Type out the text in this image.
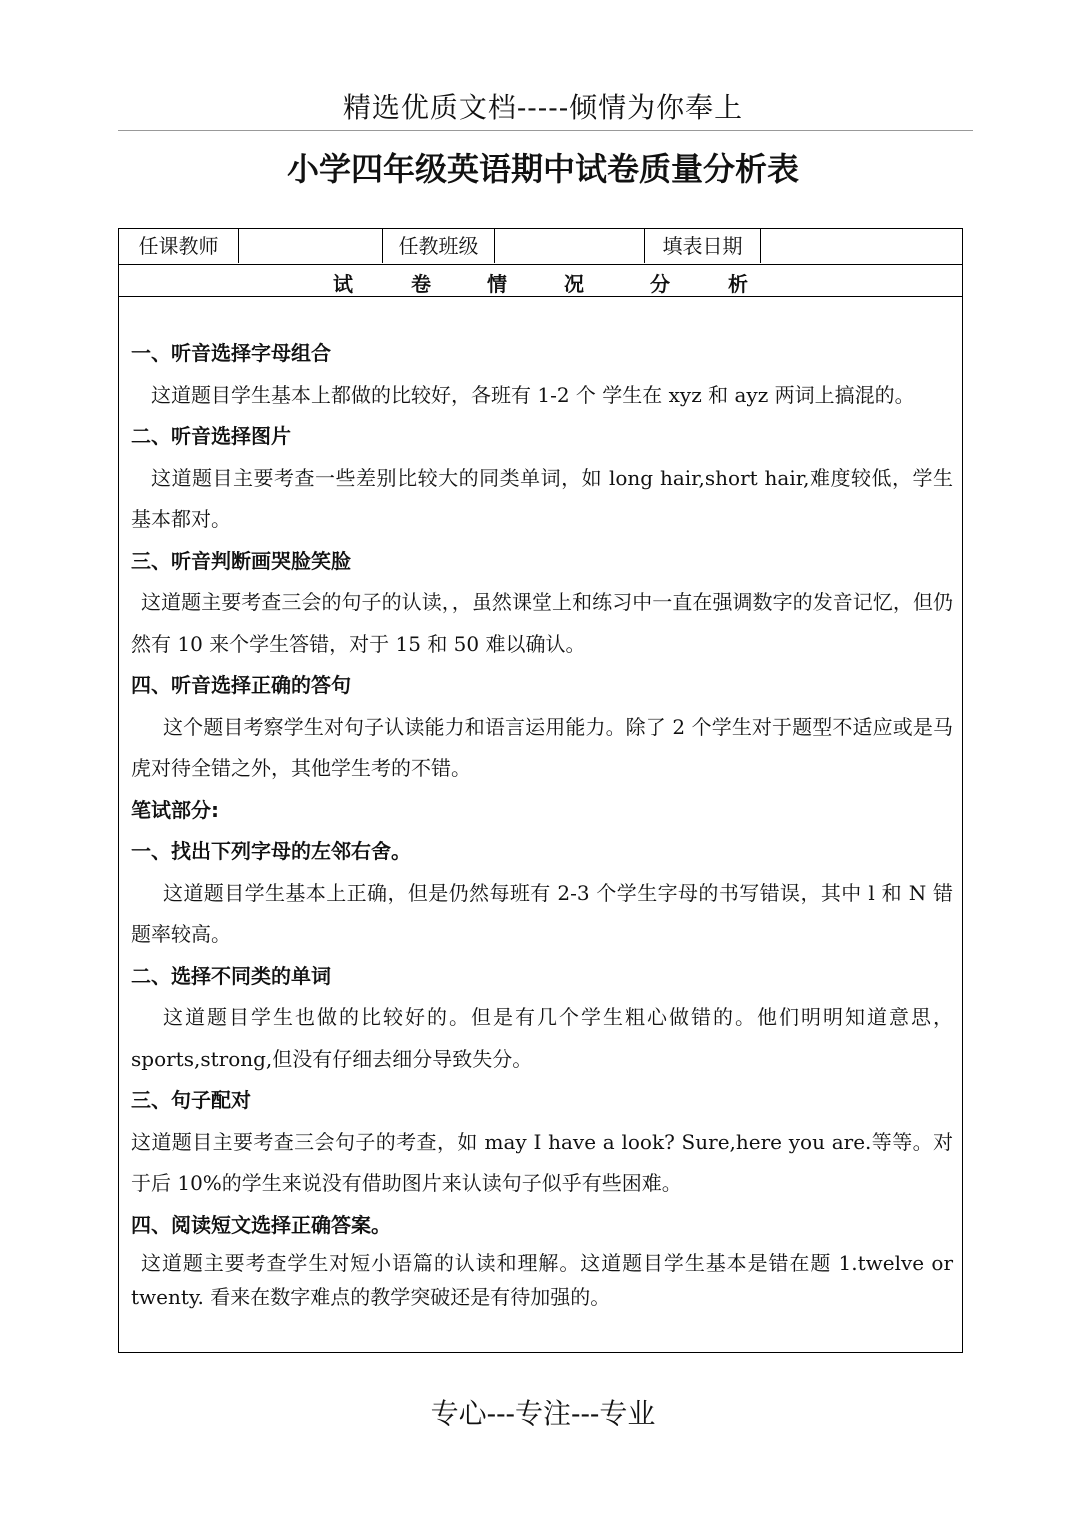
精选优质文档-----倾情为你奉上
小学四年级英语期中试卷质量分析表
任课教师	任教班级	填表日期
试	卷	情	况	分	析
一、听音选择字母组合
这道题目学生基本上都做的比较好，各班有 1-2 个 学生在 xyz 和 ayz 两词上搞混的。
二、听音选择图片
这道题目主要考查一些差别比较大的同类单词，如 long hair,short hair,难度较低，学生基本都对。
三、听音判断画哭脸笑脸
这道题主要考查三会的句子的认读，，虽然课堂上和练习中一直在强调数字的发音记忆，但仍然有 10 来个学生答错，对于 15 和 50 难以确认。
四、听音选择正确的答句
这个题目考察学生对句子认读能力和语言运用能力。除了 2 个学生对于题型不适应或是马虎对待全错之外，其他学生考的不错。
笔试部分:
一、找出下列字母的左邻右舍。
这道题目学生基本上正确，但是仍然每班有 2-3 个学生字母的书写错误，其中 l 和 N 错题率较高。
二、选择不同类的单词
这道题目学生也做的比较好的。但是有几个学生粗心做错的。他们明明知道意思，sports,strong,但没有仔细去细分导致失分。
三、句子配对
这道题目主要考查三会句子的考查，如 may I have a look? Sure,here you are.等等。对于后 10%的学生来说没有借助图片来认读句子似乎有些困难。
四、阅读短文选择正确答案。
这道题主要考查学生对短小语篇的认读和理解。这道题目学生基本是错在题 1.twelve or twenty. 看来在数字难点的教学突破还是有待加强的。
专心---专注---专业
